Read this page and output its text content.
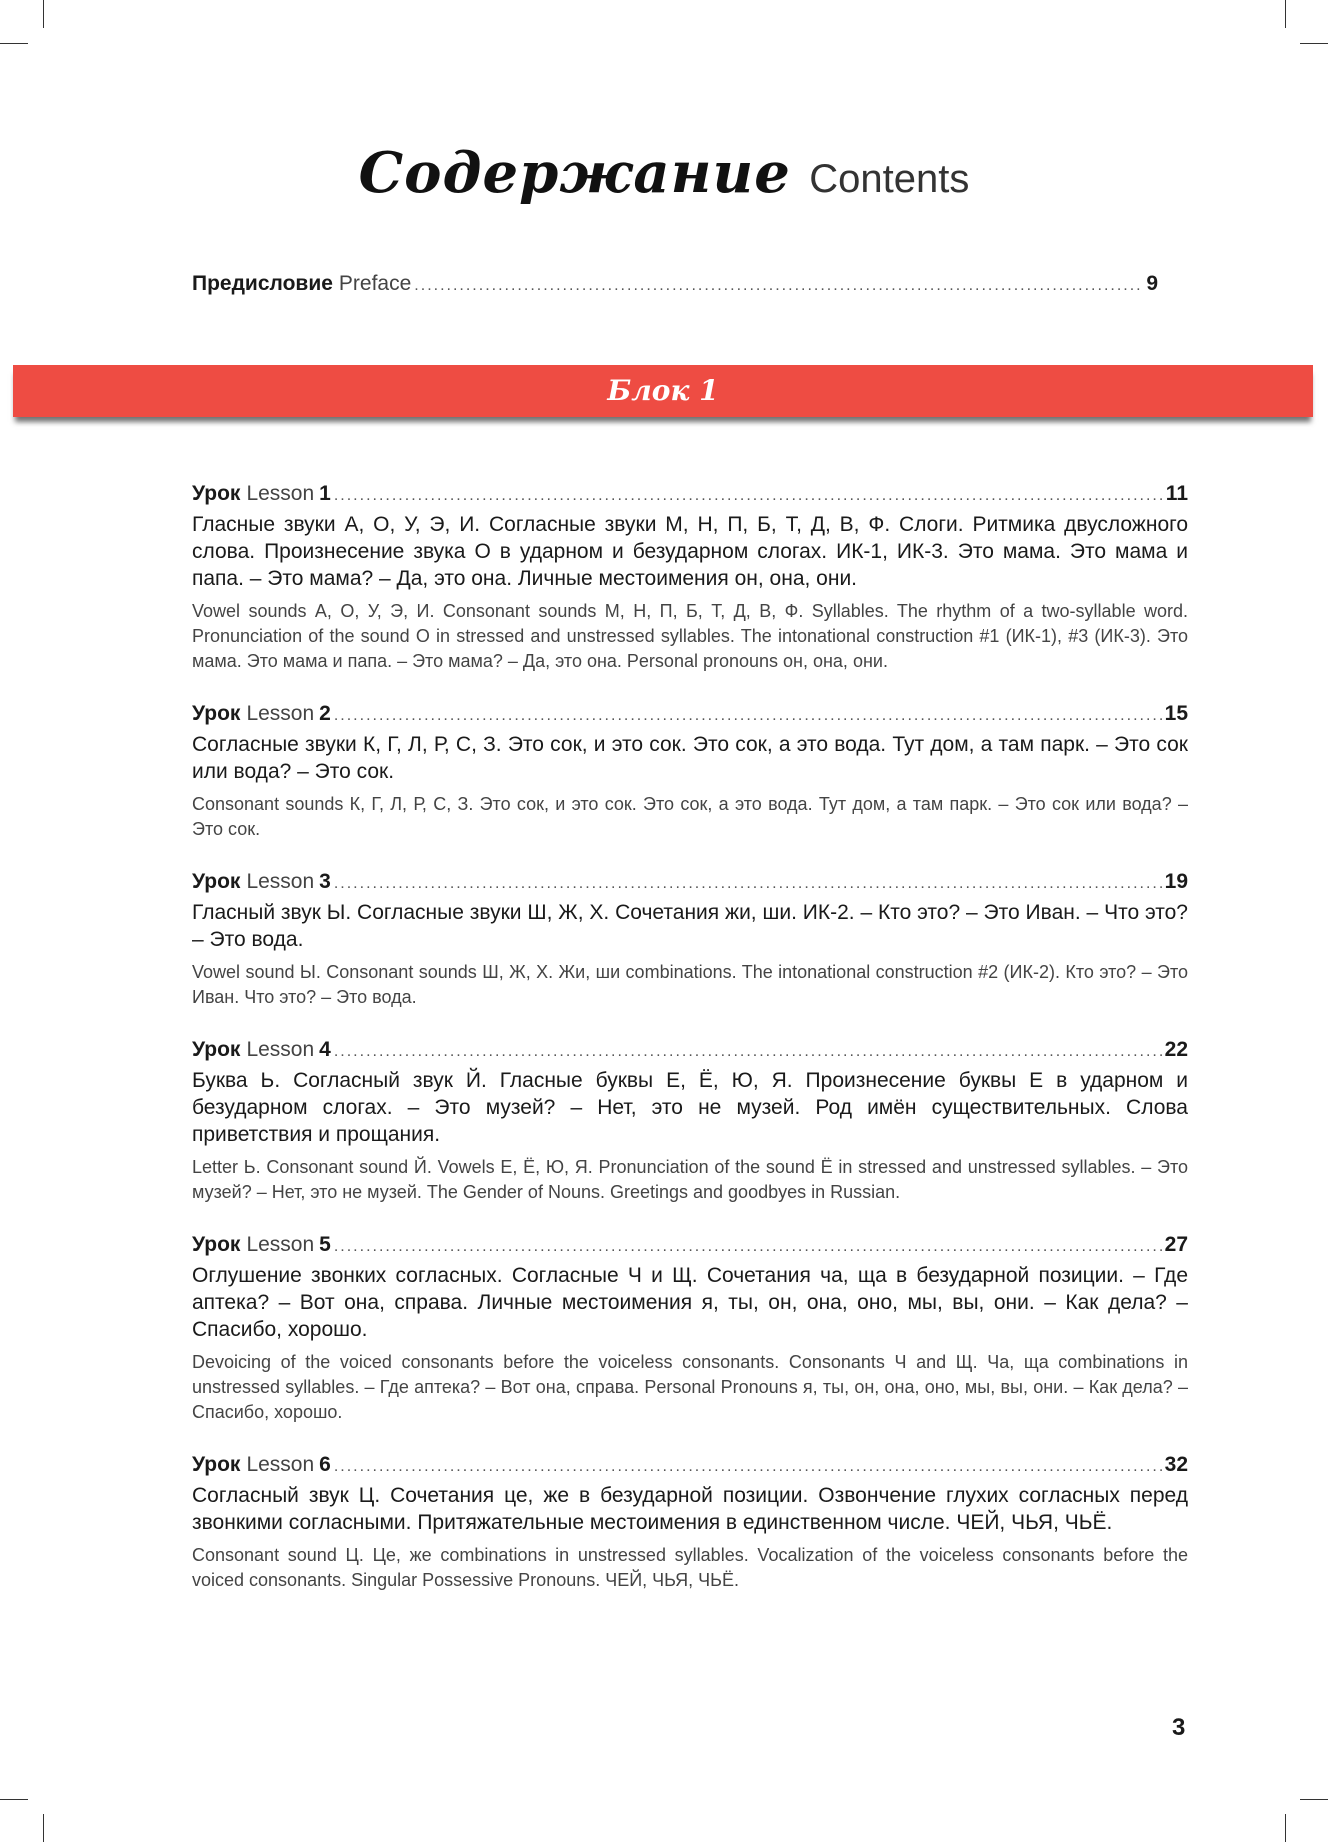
Содержание Contents
Предисловие Preface .....	9
Блок 1
Урок Lesson 1 .....	11
Гласные звуки А, О, У, Э, И. Согласные звуки М, Н, П, Б, Т, Д, В, Ф. Слоги. Ритмика двусложного слова. Произнесение звука О в ударном и безударном слогах. ИК-1, ИК-3. Это мама. Это мама и папа. – Это мама? – Да, это она. Личные местоимения он, она, они.
Vowel sounds А, О, У, Э, И. Consonant sounds М, Н, П, Б, Т, Д, В, Ф. Syllables. The rhythm of a two-syllable word. Pronunciation of the sound О in stressed and unstressed syllables. The intonational construction #1 (ИК-1), #3 (ИК-3). Это мама. Это мама и папа. – Это мама? – Да, это она. Personal pronouns он, она, они.
Урок Lesson 2 .....	15
Согласные звуки К, Г, Л, Р, С, З. Это сок, и это сок. Это сок, а это вода. Тут дом, а там парк. – Это сок или вода? – Это сок.
Consonant sounds К, Г, Л, Р, С, З. Это сок, и это сок. Это сок, а это вода. Тут дом, а там парк. – Это сок или вода? – Это сок.
Урок Lesson 3 .....	19
Гласный звук Ы. Согласные звуки Ш, Ж, Х. Сочетания жи, ши. ИК-2. – Кто это? – Это Иван. – Что это? – Это вода.
Vowel sound Ы. Consonant sounds Ш, Ж, Х. Жи, ши combinations. The intonational construction #2 (ИК-2). Кто это? – Это Иван. Что это? – Это вода.
Урок Lesson 4 .....	22
Буква Ь. Согласный звук Й. Гласные буквы Е, Ё, Ю, Я. Произнесение буквы Е в ударном и безударном слогах. – Это музей? – Нет, это не музей. Род имён существительных. Слова приветствия и прощания.
Letter Ь. Consonant sound Й. Vowels Е, Ё, Ю, Я. Pronunciation of the sound Ё in stressed and unstressed syllables. – Это музей? – Нет, это не музей. The Gender of Nouns. Greetings and goodbyes in Russian.
Урок Lesson 5 .....	27
Оглушение звонких согласных. Согласные Ч и Щ. Сочетания ча, ща в безударной позиции. – Где аптека? – Вот она, справа. Личные местоимения я, ты, он, она, оно, мы, вы, они. – Как дела? – Спасибо, хорошо.
Devoicing of the voiced consonants before the voiceless consonants. Consonants Ч and Щ. Ча, ща combinations in unstressed syllables. – Где аптека? – Вот она, справа. Personal Pronouns я, ты, он, она, оно, мы, вы, они. – Как дела? – Спасибо, хорошо.
Урок Lesson 6 .....	32
Согласный звук Ц. Сочетания це, же в безударной позиции. Озвончение глухих согласных перед звонкими согласными. Притяжательные местоимения в единственном числе. ЧЕЙ, ЧЬЯ, ЧЬЁ.
Consonant sound Ц. Це, же combinations in unstressed syllables. Vocalization of the voiceless consonants before the voiced consonants. Singular Possessive Pronouns. ЧЕЙ, ЧЬЯ, ЧЬЁ.
3
